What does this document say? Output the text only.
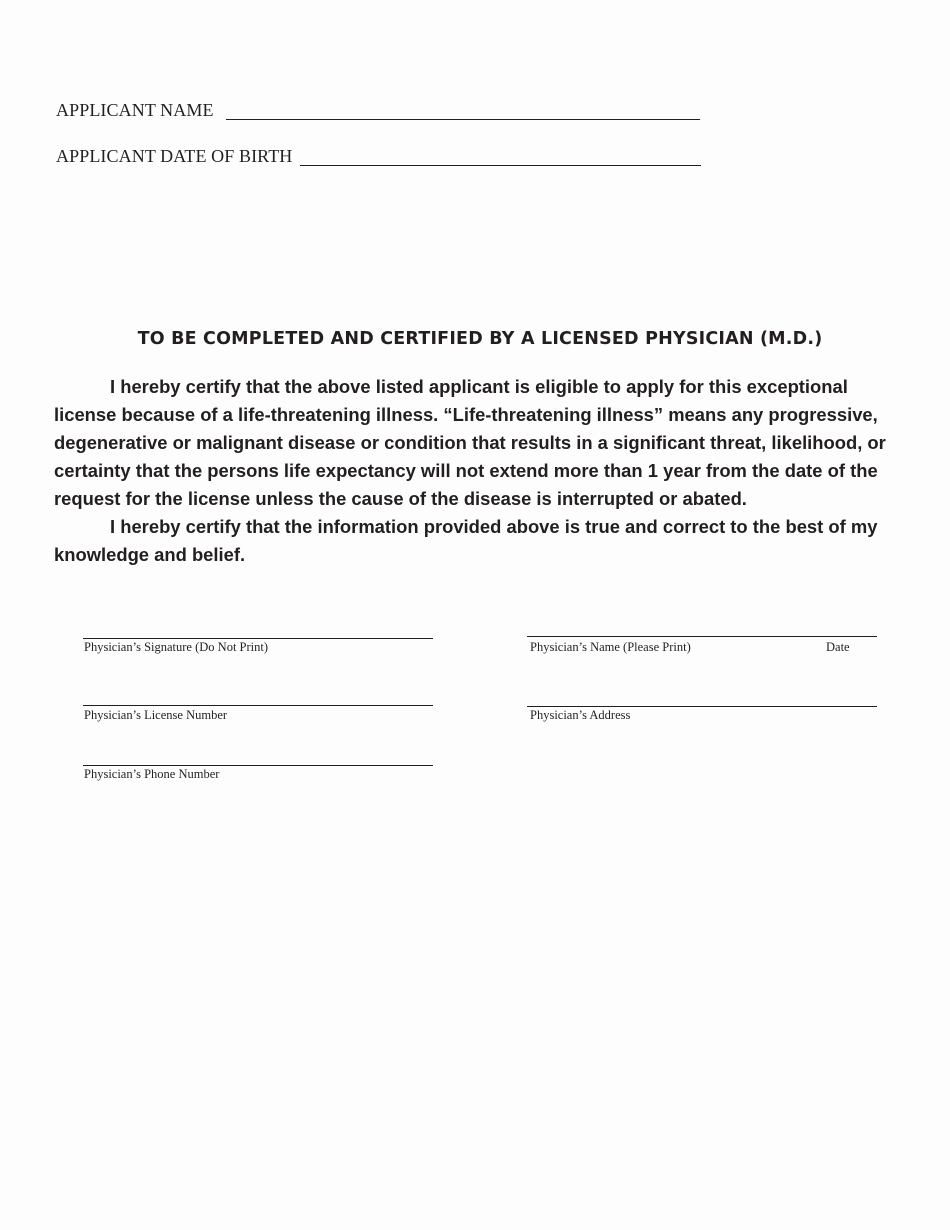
APPLICANT NAME
APPLICANT DATE OF BIRTH
TO BE COMPLETED AND CERTIFIED BY A LICENSED PHYSICIAN (M.D.)

I hereby certify that the above listed applicant is eligible to apply for this exceptional license because of a life-threatening illness. “Life-threatening illness” means any progressive, degenerative or malignant disease or condition that results in a significant threat, likelihood, or certainty that the persons life expectancy will not extend more than 1 year from the date of the request for the license unless the cause of the disease is interrupted or abated.

I hereby certify that the information provided above is true and correct to the best of my knowledge and belief.

Physician’s Signature (Do Not Print)
Physician’s License Number
Physician’s Phone Number
Physician’s Name (Please Print)	Date
Physician’s Address
